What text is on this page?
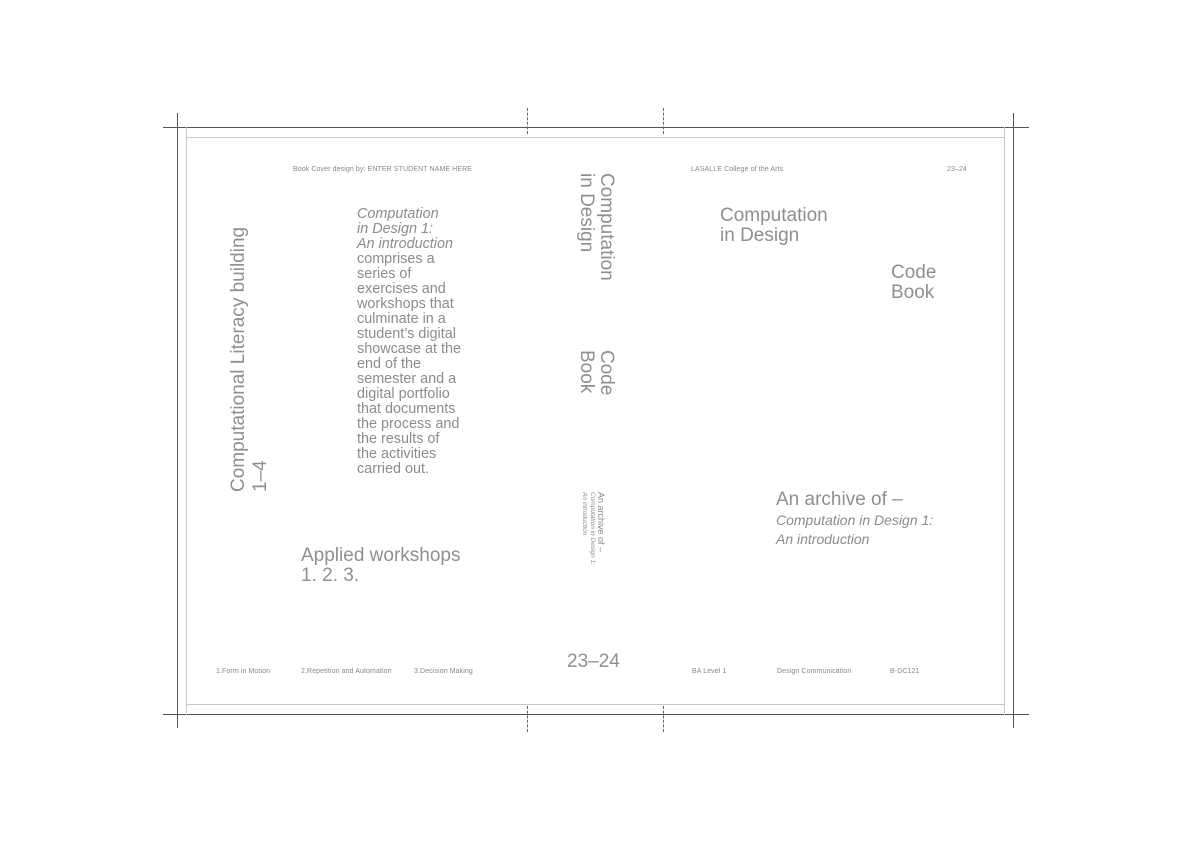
Book Cover design by: ENTER STUDENT NAME HERE
Computational Literacy building 1–4
Computation
in Design 1:
An introduction
comprises a
series of
exercises and
workshops that
culminate in a
student’s digital
showcase at the
end of the
semester and a
digital portfolio
that documents
the process and
the results of
the activities
carried out.
Applied workshops
1. 2. 3.
1.Form in Motion	2.Repetition and Automation	3.Decision Making
Computation
in Design
Code
Book
An archive of –
Computation in Design 1:
An introduction
23–24
LASALLE College of the Arts	23–24
Computation
in Design
Code
Book
An archive of –
Computation in Design 1:
An introduction
BA Level 1	Design Communication	B-DC121
